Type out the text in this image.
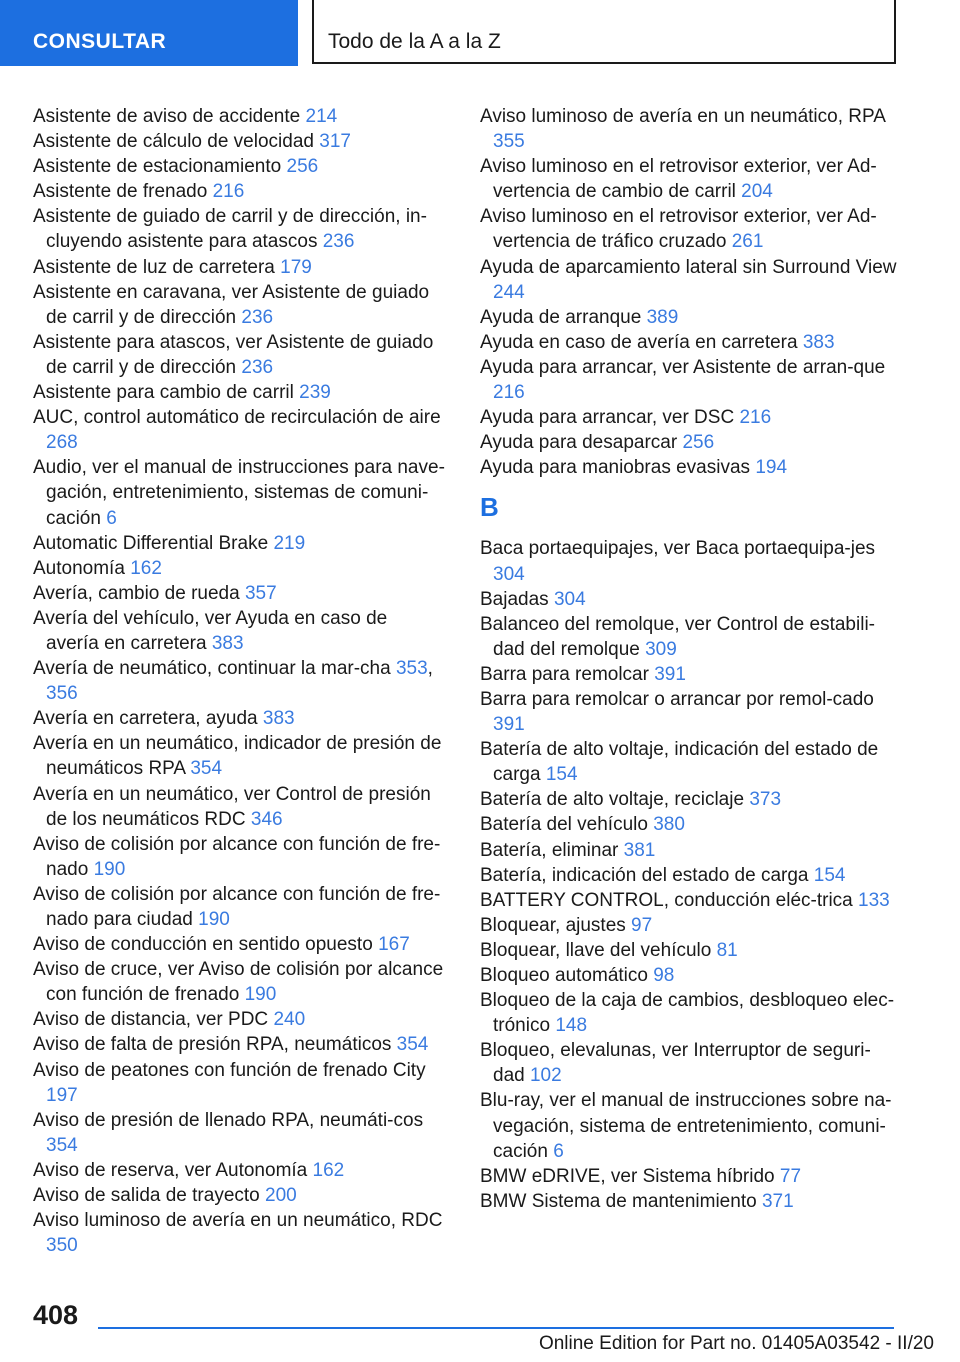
CONSULTAR	Todo de la A a la Z
Asistente de aviso de accidente 214
Asistente de cálculo de velocidad 317
Asistente de estacionamiento 256
Asistente de frenado 216
Asistente de guiado de carril y de dirección, in-cluyendo asistente para atascos 236
Asistente de luz de carretera 179
Asistente en caravana, ver Asistente de guiado de carril y de dirección 236
Asistente para atascos, ver Asistente de guiado de carril y de dirección 236
Asistente para cambio de carril 239
AUC, control automático de recirculación de aire 268
Audio, ver el manual de instrucciones para nave-gación, entretenimiento, sistemas de comuni-cación 6
Automatic Differential Brake 219
Autonomía 162
Avería, cambio de rueda 357
Avería del vehículo, ver Ayuda en caso de avería en carretera 383
Avería de neumático, continuar la mar-cha 353, 356
Avería en carretera, ayuda 383
Avería en un neumático, indicador de presión de neumáticos RPA 354
Avería en un neumático, ver Control de presión de los neumáticos RDC 346
Aviso de colisión por alcance con función de fre-nado 190
Aviso de colisión por alcance con función de fre-nado para ciudad 190
Aviso de conducción en sentido opuesto 167
Aviso de cruce, ver Aviso de colisión por alcance con función de frenado 190
Aviso de distancia, ver PDC 240
Aviso de falta de presión RPA, neumáticos 354
Aviso de peatones con función de frenado City 197
Aviso de presión de llenado RPA, neumáti-cos 354
Aviso de reserva, ver Autonomía 162
Aviso de salida de trayecto 200
Aviso luminoso de avería en un neumático, RDC 350
Aviso luminoso de avería en un neumático, RPA 355
Aviso luminoso en el retrovisor exterior, ver Ad-vertencia de cambio de carril 204
Aviso luminoso en el retrovisor exterior, ver Ad-vertencia de tráfico cruzado 261
Ayuda de aparcamiento lateral sin Surround View 244
Ayuda de arranque 389
Ayuda en caso de avería en carretera 383
Ayuda para arrancar, ver Asistente de arran-que 216
Ayuda para arrancar, ver DSC 216
Ayuda para desaparcar 256
Ayuda para maniobras evasivas 194
B
Baca portaequipajes, ver Baca portaequipa-jes 304
Bajadas 304
Balanceo del remolque, ver Control de estabili-dad del remolque 309
Barra para remolcar 391
Barra para remolcar o arrancar por remol-cado 391
Batería de alto voltaje, indicación del estado de carga 154
Batería de alto voltaje, reciclaje 373
Batería del vehículo 380
Batería, eliminar 381
Batería, indicación del estado de carga 154
BATTERY CONTROL, conducción eléc-trica 133
Bloquear, ajustes 97
Bloquear, llave del vehículo 81
Bloqueo automático 98
Bloqueo de la caja de cambios, desbloqueo elec-trónico 148
Bloqueo, elevalunas, ver Interruptor de seguri-dad 102
Blu-ray, ver el manual de instrucciones sobre na-vegación, sistema de entretenimiento, comuni-cación 6
BMW eDRIVE, ver Sistema híbrido 77
BMW Sistema de mantenimiento 371
408
Online Edition for Part no. 01405A03542 - II/20
